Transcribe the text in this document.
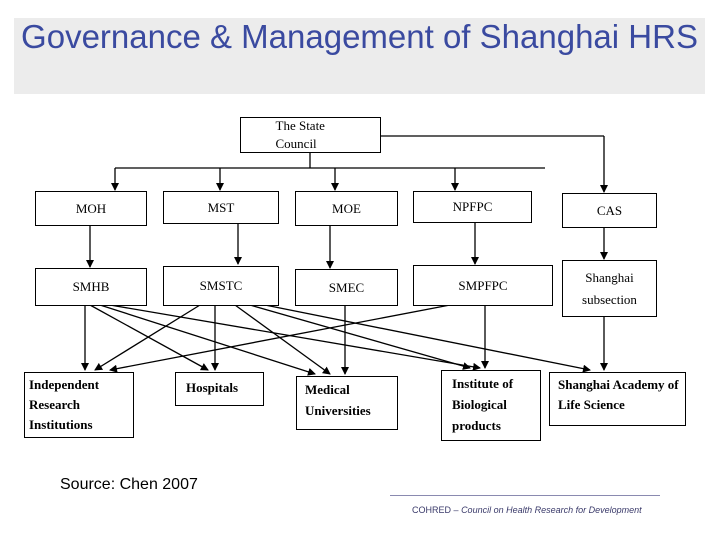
Governance & Management of Shanghai HRS
The State Council
MOH	MST	MOE	NPFPC	CAS
SMHB	SMSTC	SMEC	SMPFPC
Shanghai subsection
Independent Research Institutions
Hospitals	Medical Universities
Institute of Biological products
Shanghai Academy of Life Science
Source: Chen 2007
COHRED – Council on Health Research for Development
